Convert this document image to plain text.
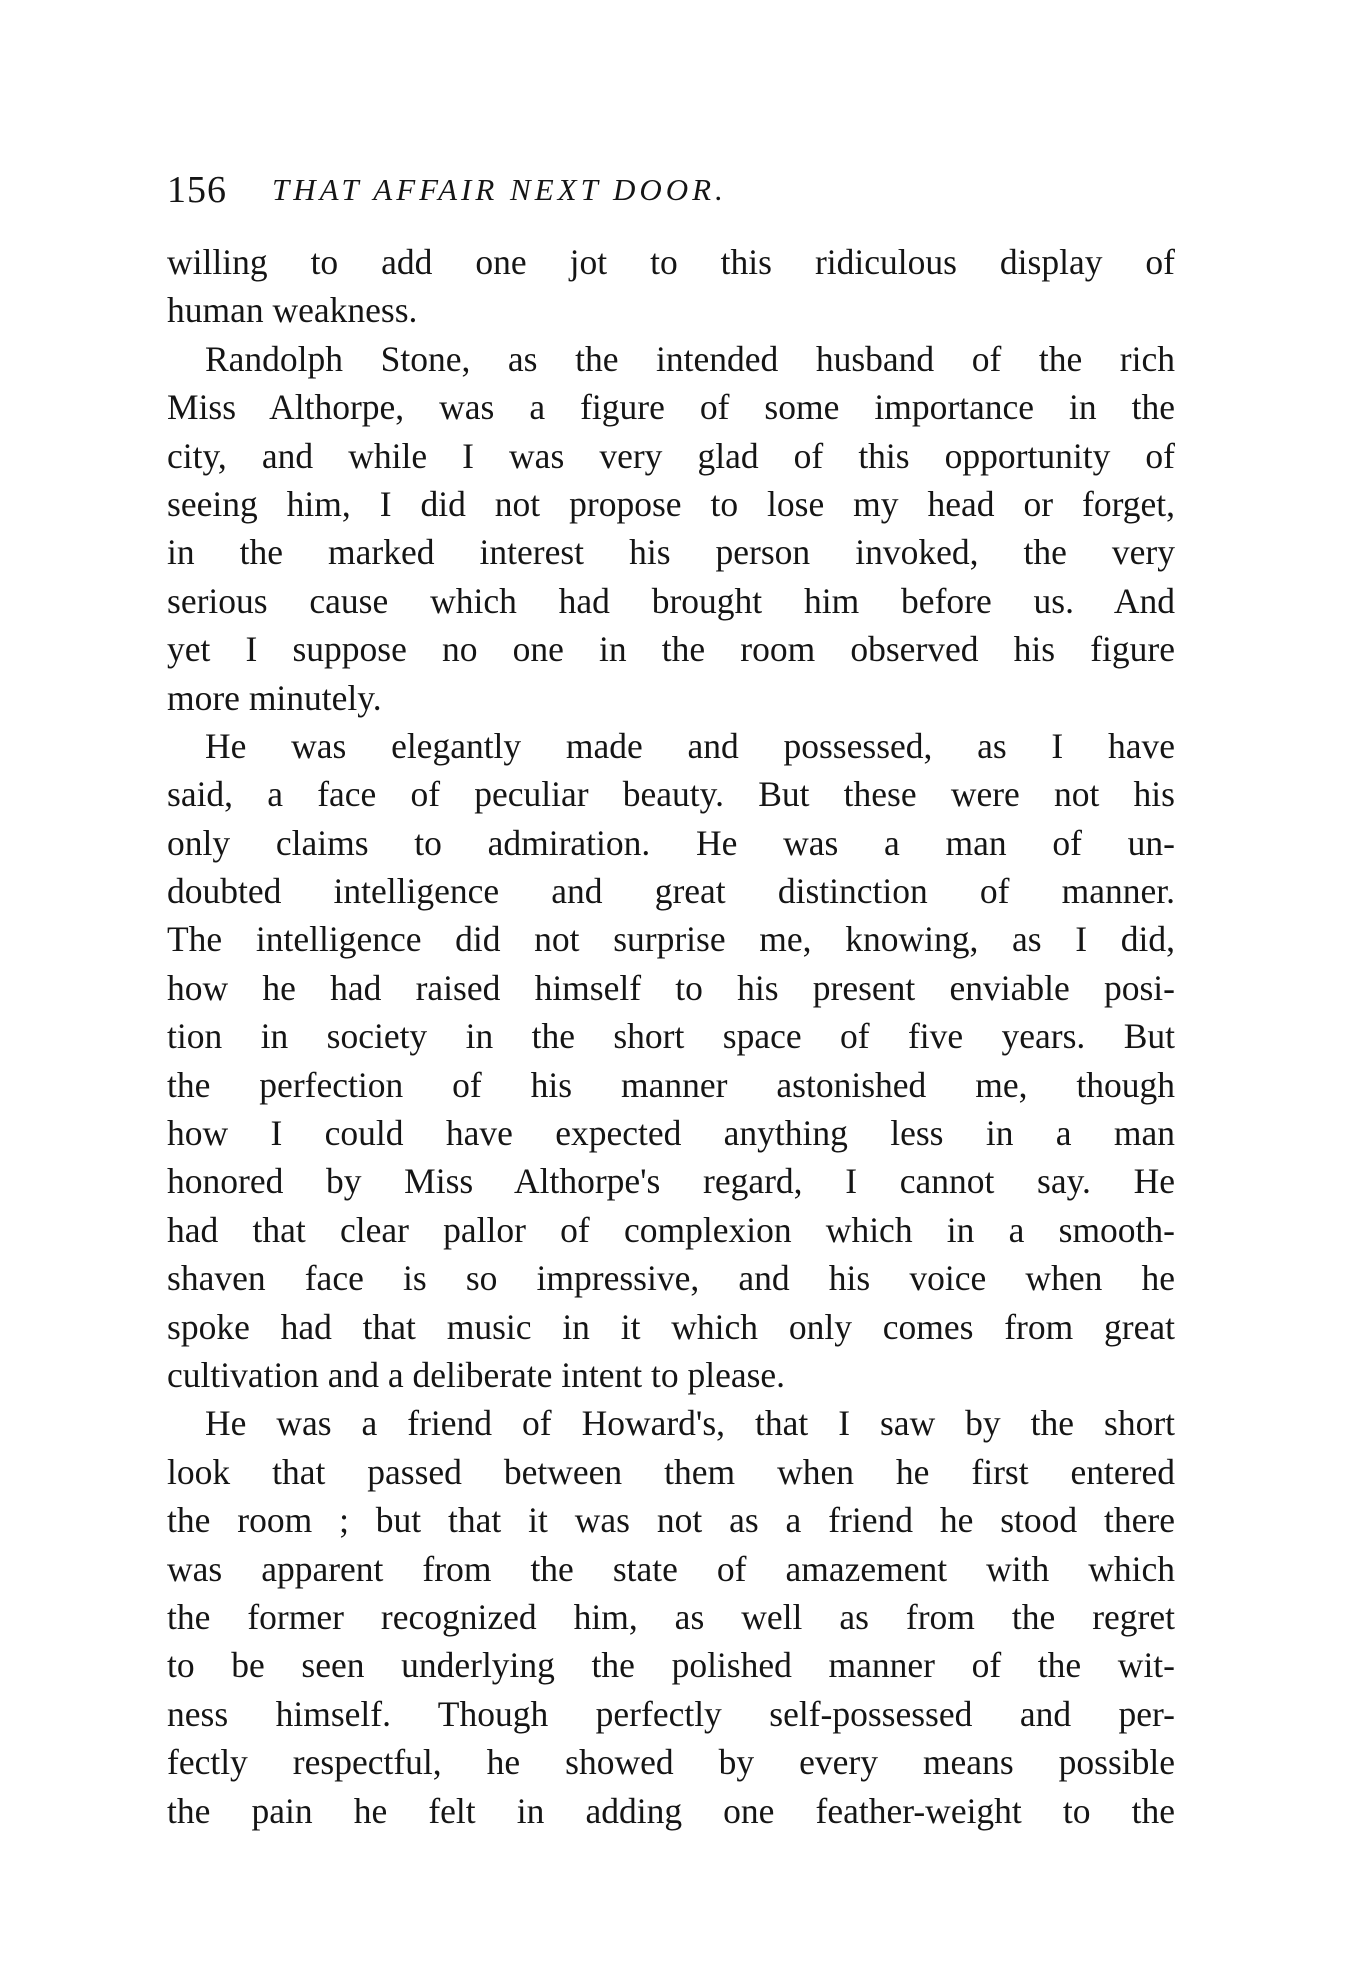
156 THAT AFFAIR NEXT DOOR.
willing to add one jot to this ridiculous display of
human weakness.
Randolph Stone, as the intended husband of the rich
Miss Althorpe, was a figure of some importance in the
city, and while I was very glad of this opportunity of
seeing him, I did not propose to lose my head or forget,
in the marked interest his person invoked, the very
serious cause which had brought him before us. And
yet I suppose no one in the room observed his figure
more minutely.
He was elegantly made and possessed, as I have
said, a face of peculiar beauty. But these were not his
only claims to admiration. He was a man of un-
doubted intelligence and great distinction of manner.
The intelligence did not surprise me, knowing, as I did,
how he had raised himself to his present enviable posi-
tion in society in the short space of five years. But
the perfection of his manner astonished me, though
how I could have expected anything less in a man
honored by Miss Althorpe's regard, I cannot say. He
had that clear pallor of complexion which in a smooth-
shaven face is so impressive, and his voice when he
spoke had that music in it which only comes from great
cultivation and a deliberate intent to please.
He was a friend of Howard's, that I saw by the short
look that passed between them when he first entered
the room ; but that it was not as a friend he stood there
was apparent from the state of amazement with which
the former recognized him, as well as from the regret
to be seen underlying the polished manner of the wit-
ness himself. Though perfectly self-possessed and per-
fectly respectful, he showed by every means possible
the pain he felt in adding one feather-weight to the
